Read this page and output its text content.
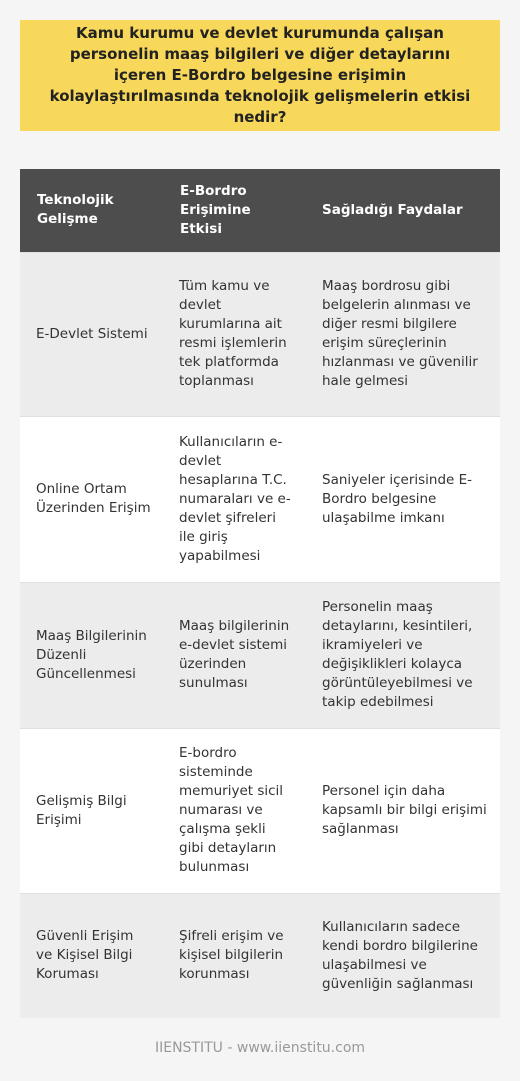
Kamu kurumu ve devlet kurumunda çalışan personelin maaş bilgileri ve diğer detaylarını içeren E-Bordro belgesine erişimin kolaylaştırılmasında teknolojik gelişmelerin etkisi nedir?
Teknolojik Gelişme	E-Bordro Erişimine Etkisi	Sağladığı Faydalar
E-Devlet Sistemi	Tüm kamu ve devlet kurumlarına ait resmi işlemlerin tek platformda toplanması	Maaş bordrosu gibi belgelerin alınması ve diğer resmi bilgilere erişim süreçlerinin hızlanması ve güvenilir hale gelmesi
Online Ortam Üzerinden Erişim	Kullanıcıların e-devlet hesaplarına T.C. numaraları ve e-devlet şifreleri ile giriş yapabilmesi	Saniyeler içerisinde E-Bordro belgesine ulaşabilme imkanı
Maaş Bilgilerinin Düzenli Güncellenmesi	Maaş bilgilerinin e-devlet sistemi üzerinden sunulması	Personelin maaş detaylarını, kesintileri, ikramiyeleri ve değişiklikleri kolayca görüntüleyebilmesi ve takip edebilmesi
Gelişmiş Bilgi Erişimi	E-bordro sisteminde memuriyet sicil numarası ve çalışma şekli gibi detayların bulunması	Personel için daha kapsamlı bir bilgi erişimi sağlanması
Güvenli Erişim ve Kişisel Bilgi Koruması	Şifreli erişim ve kişisel bilgilerin korunması	Kullanıcıların sadece kendi bordro bilgilerine ulaşabilmesi ve güvenliğin sağlanması
IIENSTITU - www.iienstitu.com
